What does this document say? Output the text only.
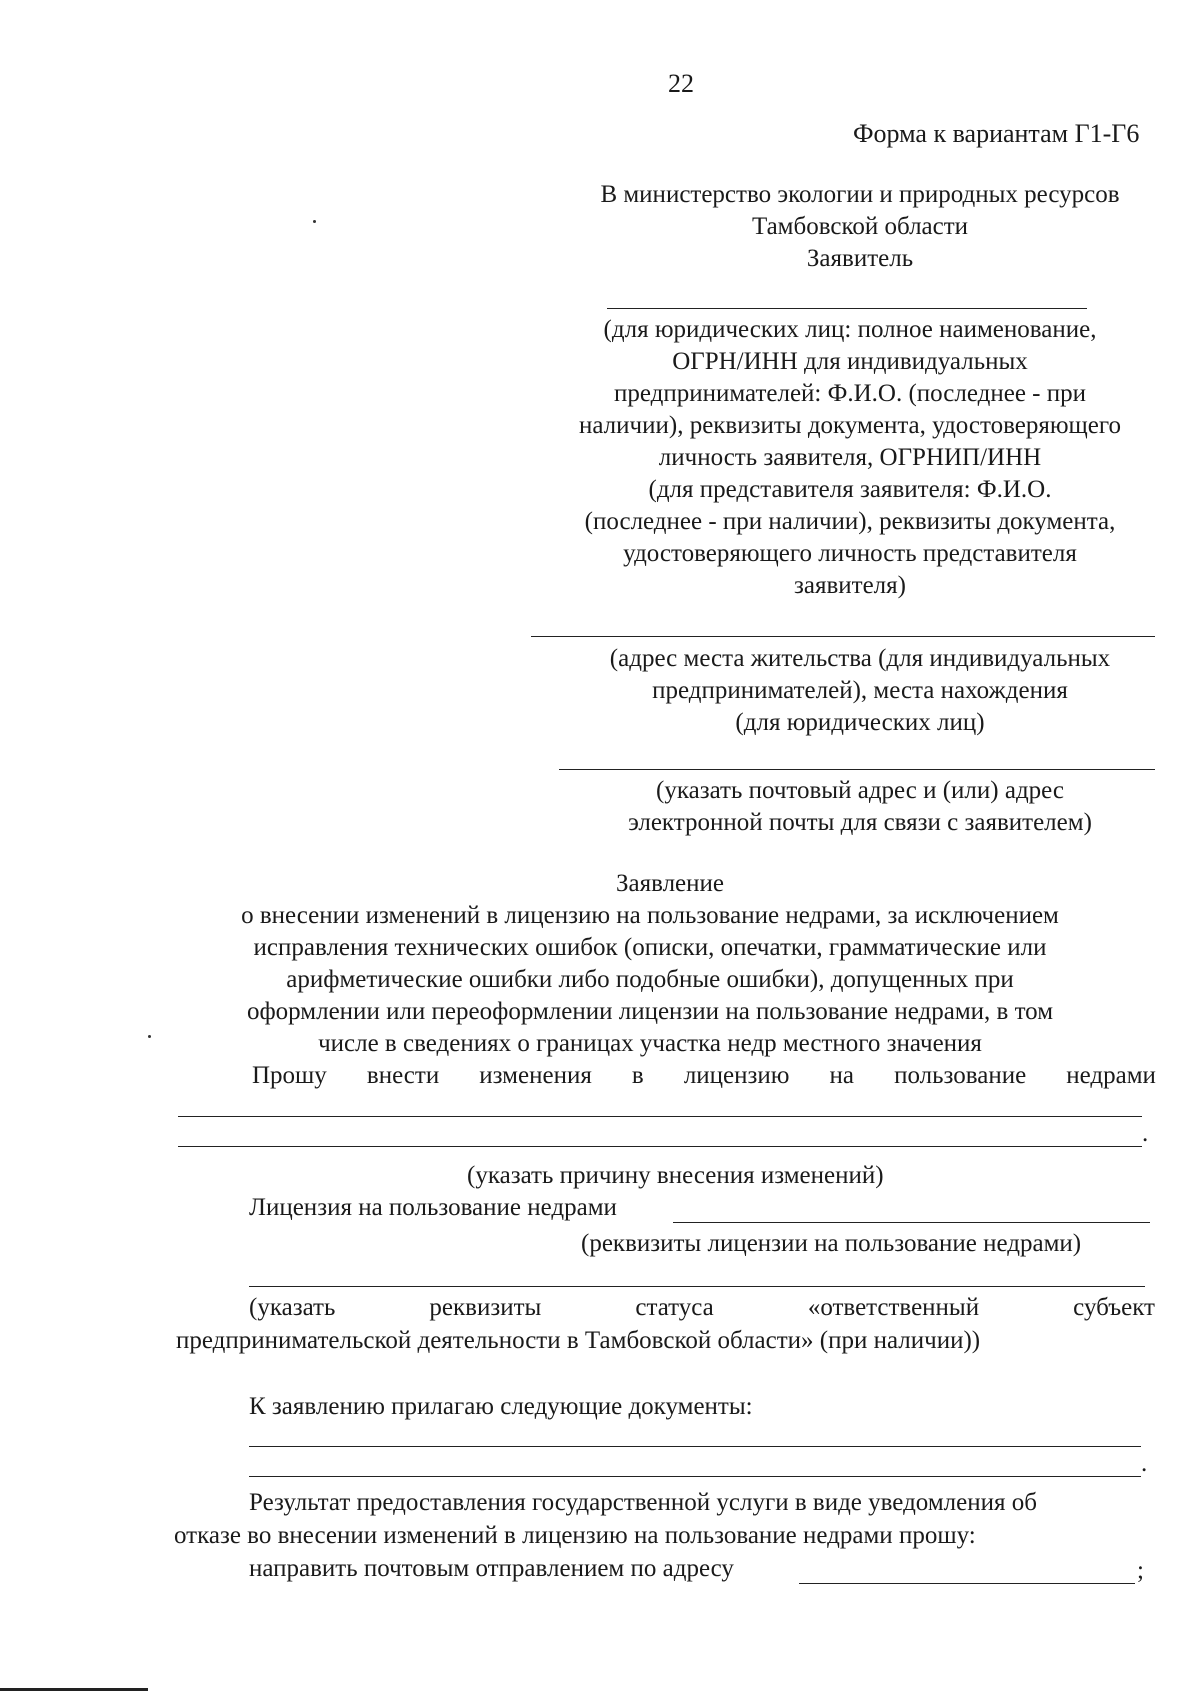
22
Форма к вариантам Г1-Г6
В министерство экологии и природных ресурсов
Тамбовской области
Заявитель
(для юридических лиц: полное наименование,
ОГРН/ИНН для индивидуальных
предпринимателей: Ф.И.О. (последнее - при
наличии), реквизиты документа, удостоверяющего
личность заявителя, ОГРНИП/ИНН
(для представителя заявителя: Ф.И.О.
(последнее - при наличии), реквизиты документа,
удостоверяющего личность представителя
заявителя)
(адрес места жительства (для индивидуальных
предпринимателей), места нахождения
(для юридических лиц)
(указать почтовый адрес и (или) адрес
электронной почты для связи с заявителем)
Заявление
о внесении изменений в лицензию на пользование недрами, за исключением
исправления технических ошибок (описки, опечатки, грамматические или
арифметические ошибки либо подобные ошибки), допущенных при
оформлении или переоформлении лицензии на пользование недрами, в том
числе в сведениях о границах участка недр местного значения
Прошу внести изменения в лицензию на пользование недрами
.
(указать причину внесения изменений)
Лицензия на пользование недрами
(реквизиты лицензии на пользование недрами)
(указать	реквизиты	статуса	«ответственный	субъект
предпринимательской деятельности в Тамбовской области» (при наличии))
К заявлению прилагаю следующие документы:
.
Результат предоставления государственной услуги в виде уведомления об
отказе во внесении изменений в лицензию на пользование недрами прошу:
направить почтовым отправлением по адресу	;
